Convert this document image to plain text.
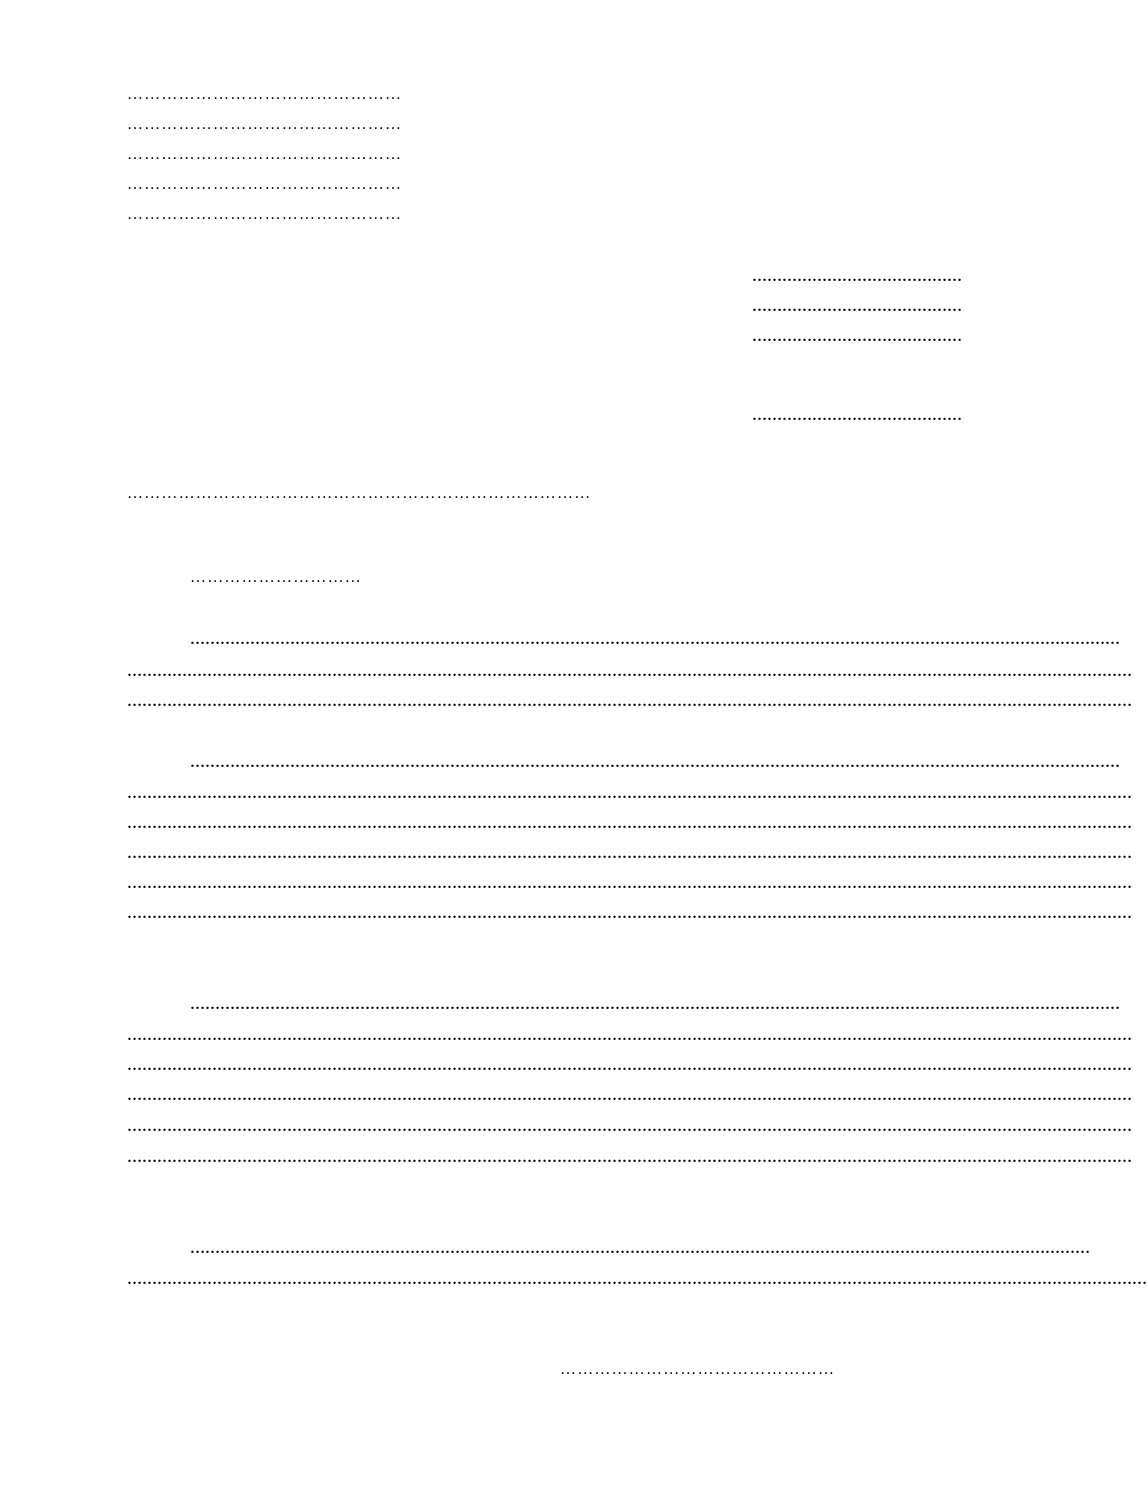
…………………………………………
…………………………………………
…………………………………………
…………………………………………
…………………………………………
……………………………………
……………………………………
……………………………………
……………………………………
………………………………………………………………………
…………………………
……………………………………………………………………………………………………………………………………………………………………
…………………………………………………………………………………………………………………………………………………………………………………
…………………………………………………………………………………………………………………………………………………………………………………
……………………………………………………………………………………………………………………………………………………………………
…………………………………………………………………………………………………………………………………………………………………………………
…………………………………………………………………………………………………………………………………………………………………………………
…………………………………………………………………………………………………………………………………………………………………………………
…………………………………………………………………………………………………………………………………………………………………………………
…………………………………………………………………………………………………………………………………………………………………………………
……………………………………………………………………………………………………………………………………………………………………
…………………………………………………………………………………………………………………………………………………………………………………
…………………………………………………………………………………………………………………………………………………………………………………
…………………………………………………………………………………………………………………………………………………………………………………
…………………………………………………………………………………………………………………………………………………………………………………
…………………………………………………………………………………………………………………………………………………………………………………
………………………………………………………………………………………………………………………………………………………………
……………………………………………………………………………………………………………………………………………………………………………………
…………………………………………
